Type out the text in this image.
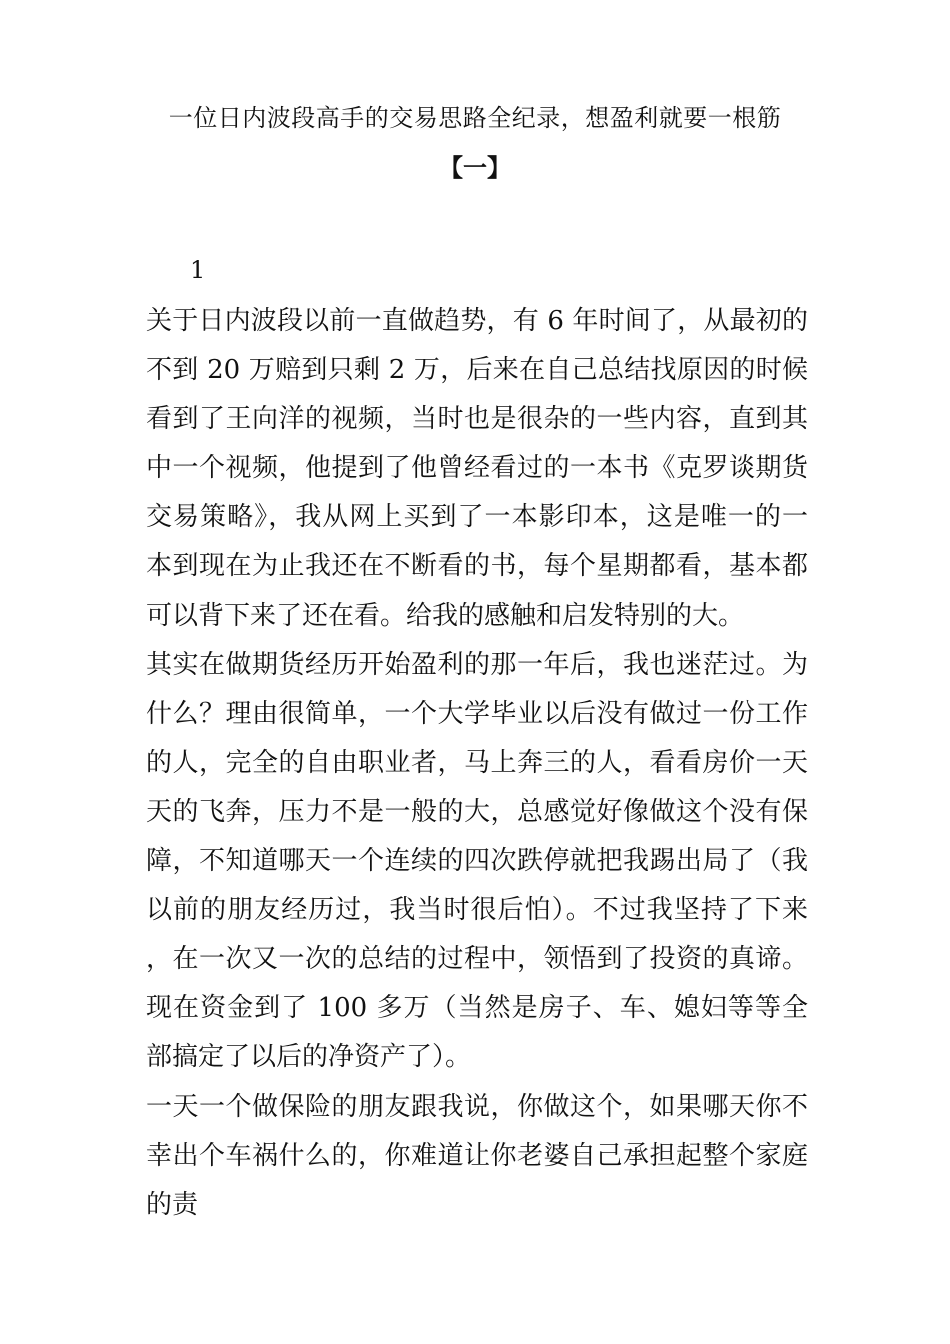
一位日内波段高手的交易思路全纪录，想盈利就要一根筋
【一】
1

关于日内波段以前一直做趋势，有 6 年时间了，从最初的不到 20 万赔到只剩 2 万，后来在自己总结找原因的时候看到了王向洋的视频，当时也是很杂的一些内容，直到其中一个视频，他提到了他曾经看过的一本书《克罗谈期货交易策略》，我从网上买到了一本影印本，这是唯一的一本到现在为止我还在不断看的书，每个星期都看，基本都可以背下来了还在看。给我的感触和启发特别的大。

其实在做期货经历开始盈利的那一年后，我也迷茫过。为什么？理由很简单，一个大学毕业以后没有做过一份工作的人，完全的自由职业者，马上奔三的人，看看房价一天天的飞奔，压力不是一般的大，总感觉好像做这个没有保障，不知道哪天一个连续的四次跌停就把我踢出局了（我以前的朋友经历过，我当时很后怕）。不过我坚持了下来，在一次又一次的总结的过程中，领悟到了投资的真谛。现在资金到了 100 多万（当然是房子、车、媳妇等等全部搞定了以后的净资产了）。

一天一个做保险的朋友跟我说，你做这个，如果哪天你不幸出个车祸什么的，你难道让你老婆自己承担起整个家庭的责
